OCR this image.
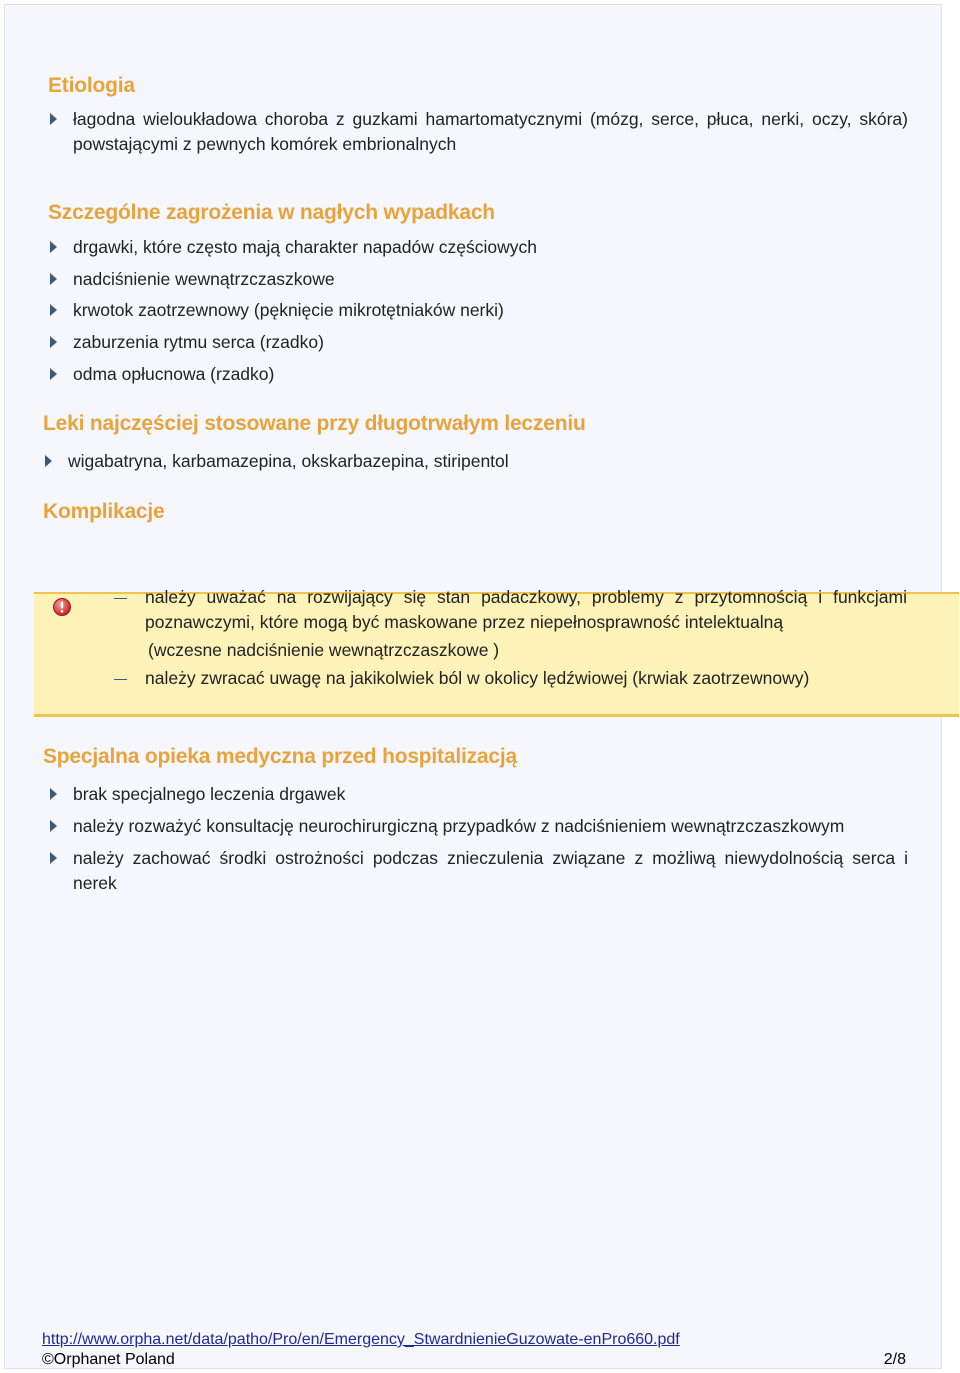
Etiologia
łagodna wieloukładowa choroba z guzkami hamartomatycznymi (mózg, serce, płuca, nerki, oczy, skóra) powstającymi z pewnych komórek embrionalnych
Szczególne zagrożenia w nagłych wypadkach
drgawki, które często mają charakter napadów częściowych
nadciśnienie wewnątrzczaszkowe
krwotok zaotrzewnowy (pęknięcie mikrotętniaków nerki)
zaburzenia rytmu serca (rzadko)
odma opłucnowa (rzadko)
Leki najczęściej stosowane przy długotrwałym leczeniu
wigabatryna, karbamazepina, okskarbazepina, stiripentol
Komplikacje
należy uważać na rozwijający się stan padaczkowy, problemy z przytomnością i funkcjami poznawczymi, które mogą być maskowane przez niepełnosprawność intelektualną
(wczesne nadciśnienie wewnątrzczaszkowe )
należy zwracać uwagę na jakikolwiek ból w okolicy lędźwiowej (krwiak zaotrzewnowy)
Specjalna opieka medyczna przed hospitalizacją
brak specjalnego leczenia drgawek
należy rozważyć konsultację neurochirurgiczną przypadków z nadciśnieniem wewnątrzczaszkowym
należy zachować środki ostrożności podczas znieczulenia związane z możliwą niewydolnością serca i nerek
http://www.orpha.net/data/patho/Pro/en/Emergency_StwardnienieGuzowate-enPro660.pdf
©Orphanet Poland	2/8
